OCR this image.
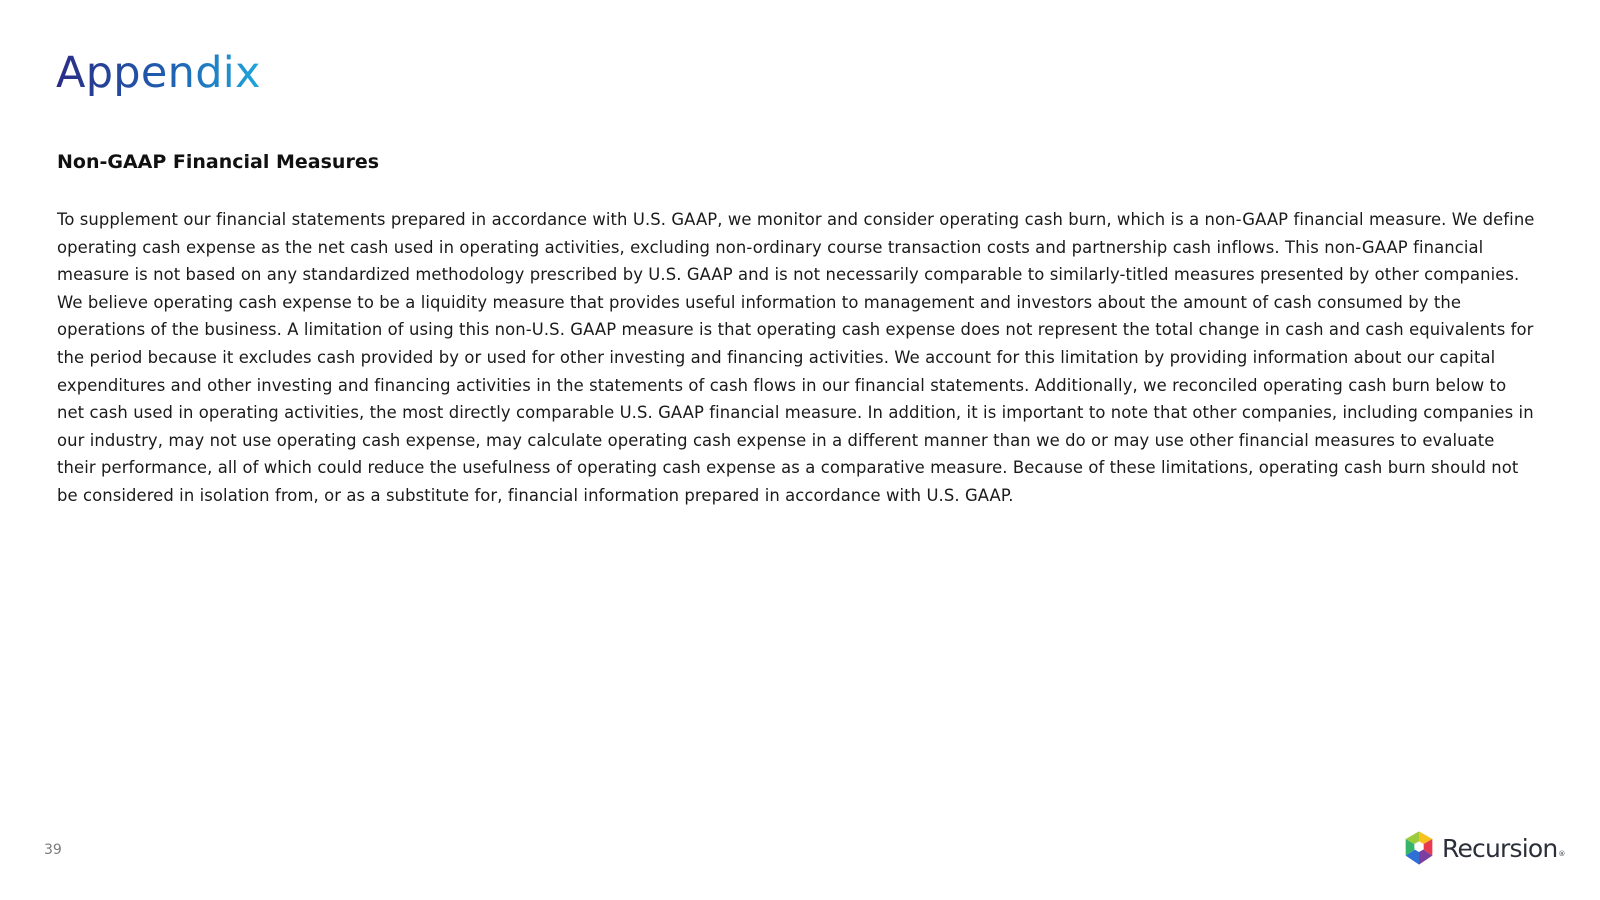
Appendix
Non-GAAP Financial Measures

To supplement our financial statements prepared in accordance with U.S. GAAP, we monitor and consider operating cash burn, which is a non-GAAP financial measure. We define operating cash expense as the net cash used in operating activities, excluding non-ordinary course transaction costs and partnership cash inflows. This non-GAAP financial measure is not based on any standardized methodology prescribed by U.S. GAAP and is not necessarily comparable to similarly-titled measures presented by other companies. We believe operating cash expense to be a liquidity measure that provides useful information to management and investors about the amount of cash consumed by the operations of the business. A limitation of using this non-U.S. GAAP measure is that operating cash expense does not represent the total change in cash and cash equivalents for the period because it excludes cash provided by or used for other investing and financing activities. We account for this limitation by providing information about our capital expenditures and other investing and financing activities in the statements of cash flows in our financial statements. Additionally, we reconciled operating cash burn below to net cash used in operating activities, the most directly comparable U.S. GAAP financial measure. In addition, it is important to note that other companies, including companies in our industry, may not use operating cash expense, may calculate operating cash expense in a different manner than we do or may use other financial measures to evaluate their performance, all of which could reduce the usefulness of operating cash expense as a comparative measure. Because of these limitations, operating cash burn should not be considered in isolation from, or as a substitute for, financial information prepared in accordance with U.S. GAAP.

39	Recursion ®
